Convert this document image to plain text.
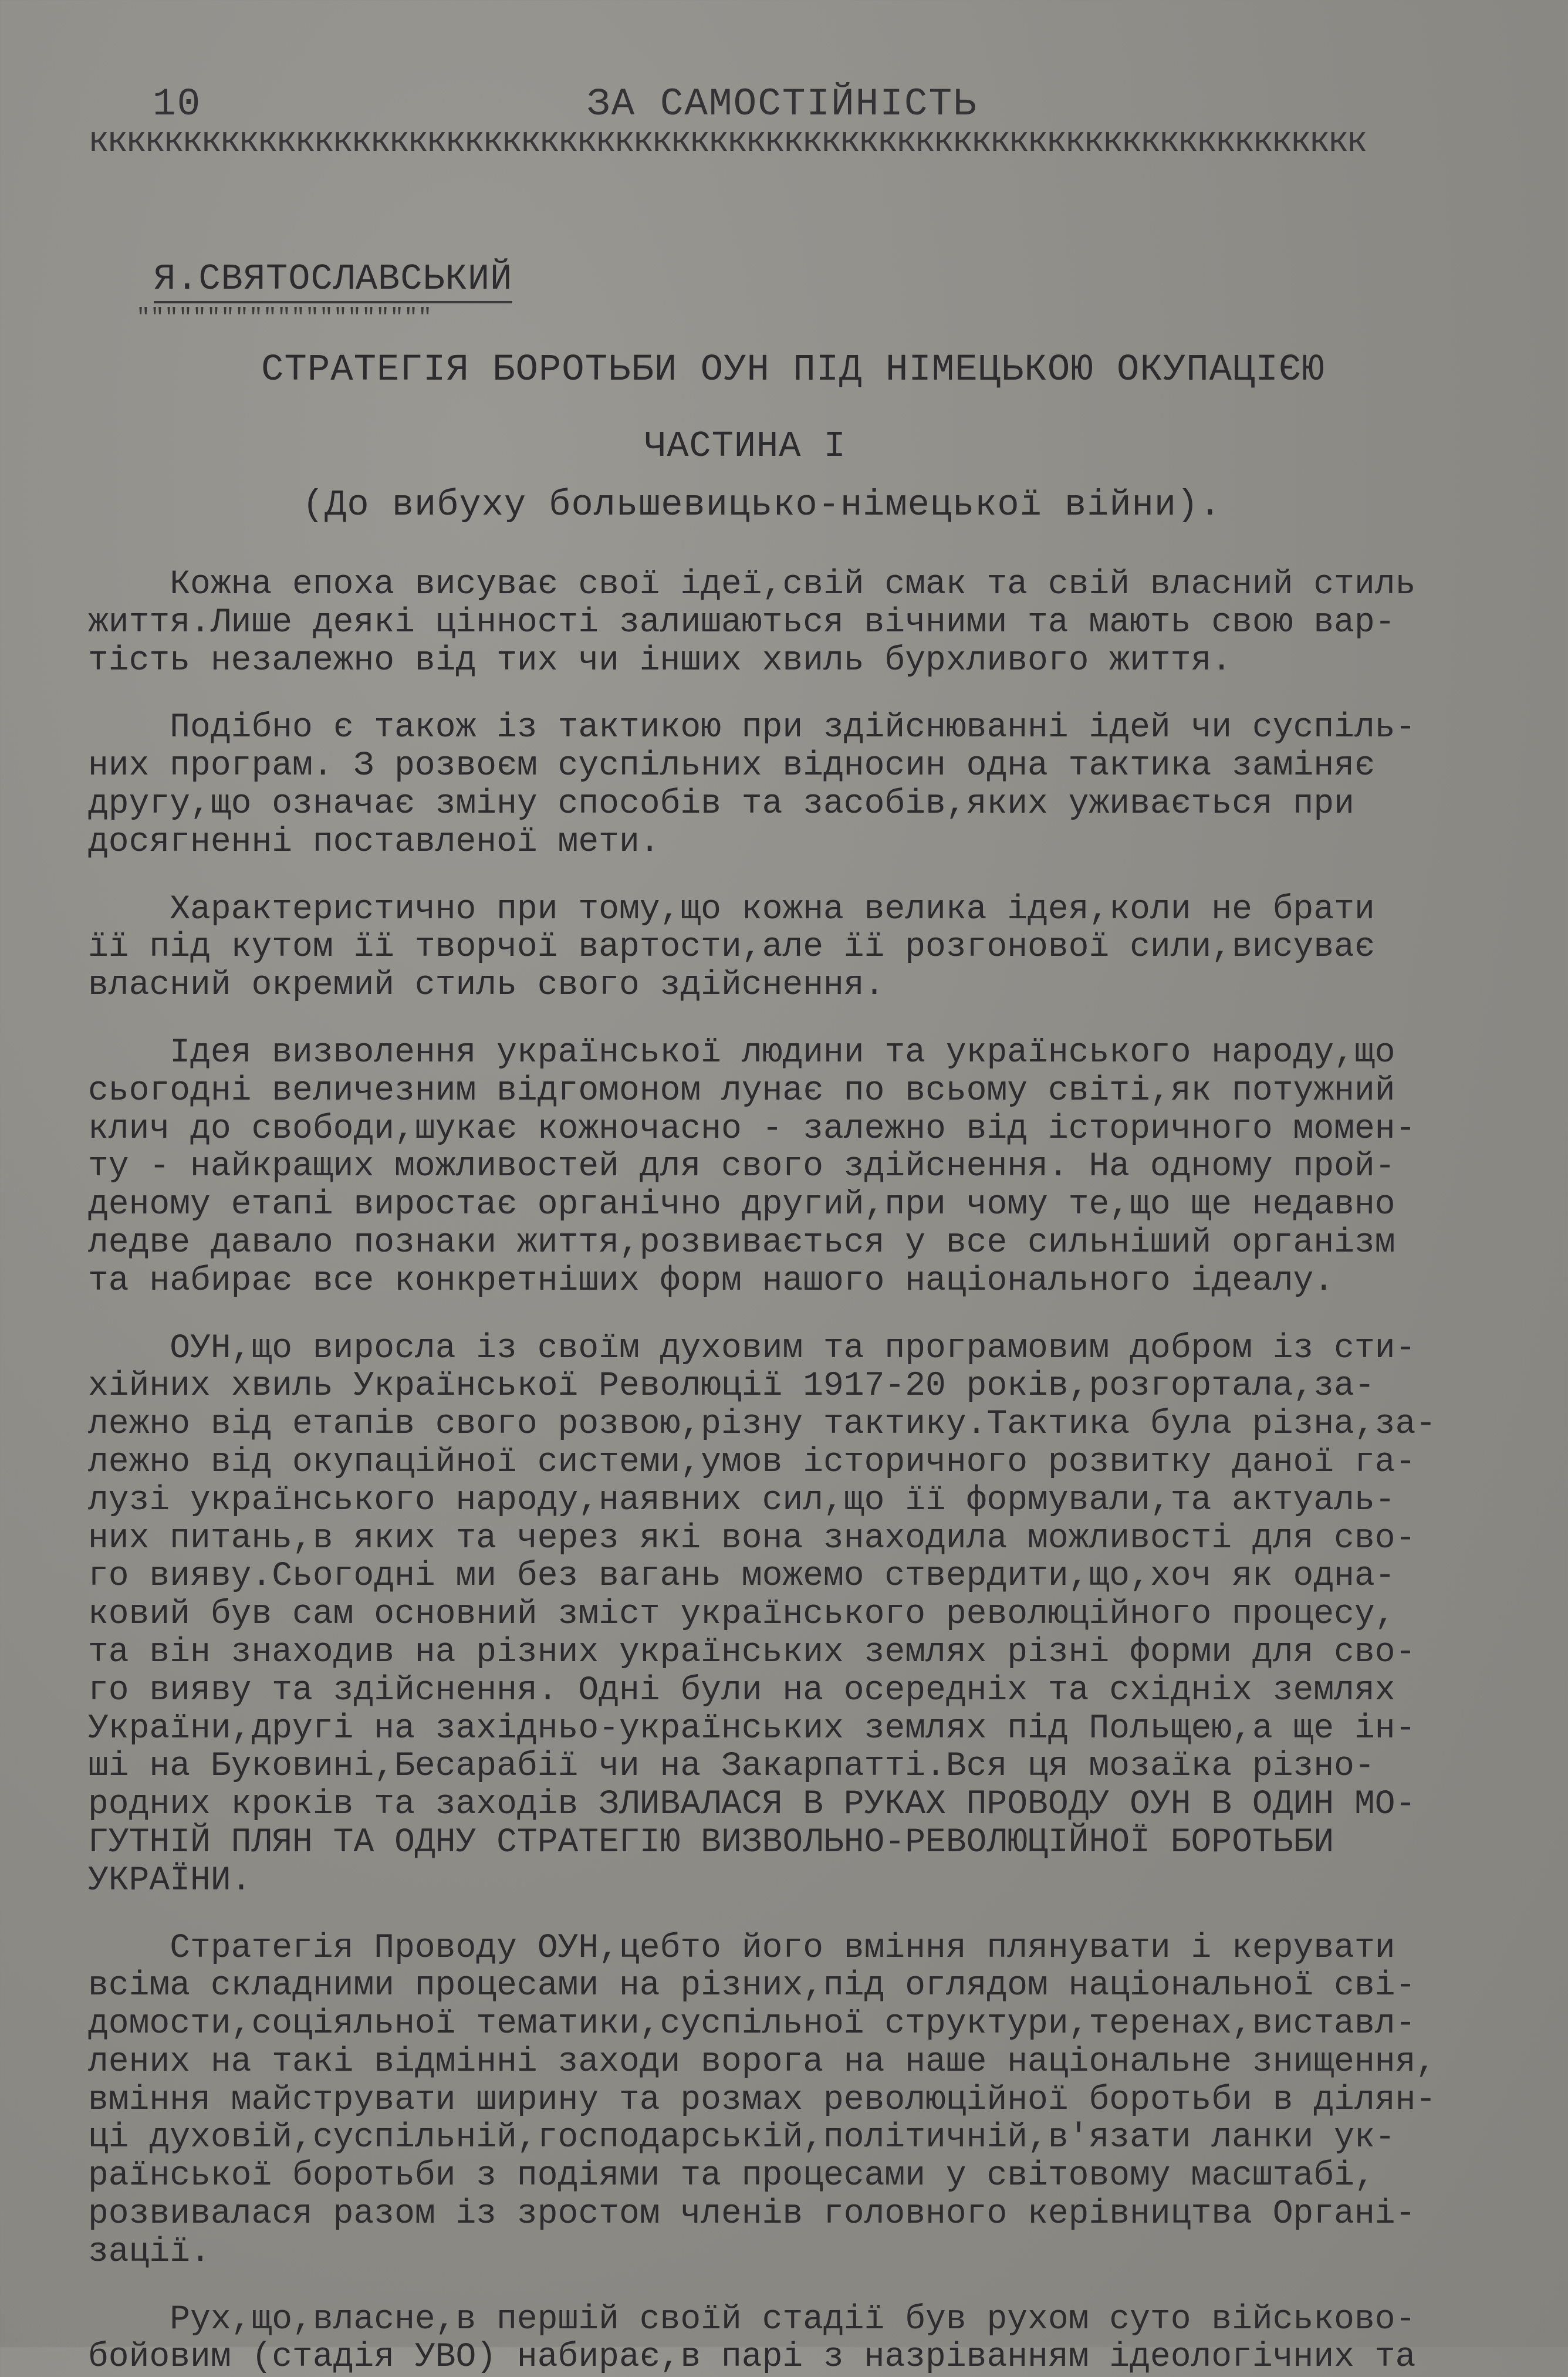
10	ЗА САМОСТІЙНІСТЬ
кккккккккккккккккккккккккккккккккккккккккккккккккккккккккккккккккккк
Я.СВЯТОСЛАВСЬКИЙ
"""""""""""""""""""""
СТРАТЕГІЯ БОРОТЬБИ ОУН ПІД НІМЕЦЬКОЮ ОКУПАЦІЄЮ
ЧАСТИНА І
(До вибуху большевицько-німецької війни).
Кожна епоха висуває свої ідеї,свій смак та свій власний стиль
життя.Лише деякі цінності залишаються вічними та мають свою вар-
тість незалежно від тих чи інших хвиль бурхливого життя.
Подібно є також із тактикою при здійснюванні ідей чи суспіль-
них програм. З розвоєм суспільних відносин одна тактика заміняє
другу,що означає зміну способів та засобів,яких уживається при
досягненні поставленої мети.
Характеристично при тому,що кожна велика ідея,коли не брати
її під кутом її творчої вартости,але її розгонової сили,висуває
власний окремий стиль свого здійснення.
Ідея визволення української людини та українського народу,що
сьогодні величезним відгомоном лунає по всьому світі,як потужний
клич до свободи,шукає кожночасно - залежно від історичного момен-
ту - найкращих можливостей для свого здійснення. На одному прой-
деному етапі виростає органічно другий,при чому те,що ще недавно
ледве давало познаки життя,розвивається у все сильніший організм
та набирає все конкретніших форм нашого національного ідеалу.
ОУН,що виросла із своїм духовим та програмовим добром із сти-
хійних хвиль Української Революції 1917-20 років,розгортала,за-
лежно від етапів свого розвою,різну тактику.Тактика була різна,за-
лежно від окупаційної системи,умов історичного розвитку даної га-
лузі українського народу,наявних сил,що її формували,та актуаль-
них питань,в яких та через які вона знаходила можливості для сво-
го вияву.Сьогодні ми без вагань можемо ствердити,що,хоч як одна-
ковий був сам основний зміст українського революційного процесу,
та він знаходив на різних українських землях різні форми для сво-
го вияву та здійснення. Одні були на осередніх та східніх землях
України,другі на західньо-українських землях під Польщею,а ще ін-
ші на Буковині,Бесарабії чи на Закарпатті.Вся ця мозаїка різно-
родних кроків та заходів ЗЛИВАЛАСЯ В РУКАХ ПРОВОДУ ОУН В ОДИН МО-
ГУТНІЙ ПЛЯН ТА ОДНУ СТРАТЕГІЮ ВИЗВОЛЬНО-РЕВОЛЮЦІЙНОЇ БОРОТЬБИ
УКРАЇНИ.
Стратегія Проводу ОУН,цебто його вміння плянувати і керувати
всіма складними процесами на різних,під оглядом національної сві-
домости,соціяльної тематики,суспільної структури,теренах,виставл-
лених на такі відмінні заходи ворога на наше національне знищення,
вміння майструвати ширину та розмах революційної боротьби в ділян-
ці духовій,суспільній,господарській,політичній,в'язати ланки ук-
раїнської боротьби з подіями та процесами у світовому масштабі,
розвивалася разом із зростом членів головного керівництва Органі-
зації.
Рух,що,власне,в першій своїй стадії був рухом суто військово-
бойовим (стадія УВО) набирає,в парі з назріванням ідеологічних та
